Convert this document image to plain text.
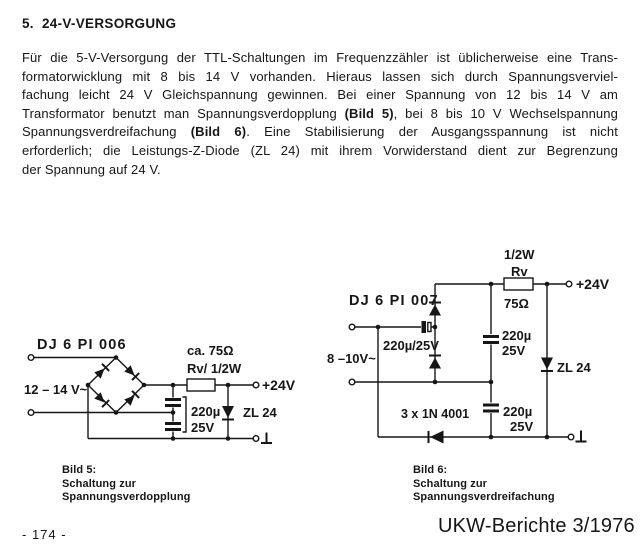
5.  24-V-VERSORGUNG
Für die 5-V-Versorgung der TTL-Schaltungen im Frequenzzähler ist üblicherweise eine Trans-
formatorwicklung mit 8 bis 14 V vorhanden. Hieraus lassen sich durch Spannungsverviel-
fachung leicht 24 V Gleichspannung gewinnen. Bei einer Spannung von 12 bis 14 V am
Transformator benutzt man Spannungsverdopplung (Bild 5), bei 8 bis 10 V Wechselspannung
Spannungsverdreifachung (Bild 6). Eine Stabilisierung der Ausgangsspannung ist nicht
erforderlich; die Leistungs-Z-Diode (ZL 24) mit ihrem Vorwiderstand dient zur Begrenzung
der Spannung auf 24 V.
DJ 6 PI 006
12 – 14 V~
ca. 75Ω
Rv/ 1/2W
+24V
220µ
25V
ZL 24
DJ 6 PI 007
1/2W
Rv
75Ω
+24V
220µ/25V
8 –10V~
220µ
25V
220µ
25V
ZL 24
3 x 1N 4001
Bild 5:
Schaltung zur
Spannungsverdopplung
Bild 6:
Schaltung zur
Spannungsverdreifachung
- 174 -	UKW-Berichte 3/1976
